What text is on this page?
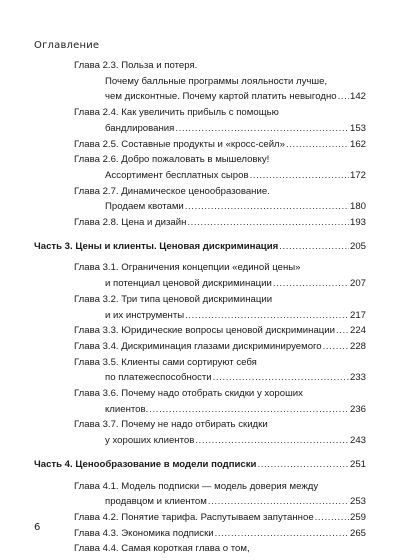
Оглавление
Глава 2.3. Польза и потеря.
Почему балльные программы лояльности лучше,
чем дисконтные. Почему картой платить невыгодно ..... 142
Глава 2.4. Как увеличить прибыль с помощью
бандлирования .....	153
Глава 2.5. Составные продукты и «кросс-сейл» .....	162
Глава 2.6. Добро пожаловать в мышеловку!
Ассортимент бесплатных сыров .....	172
Глава 2.7. Динамическое ценообразование.
Продаем квотами .....	180
Глава 2.8. Цена и дизайн .....	193
Часть 3. Цены и клиенты. Ценовая дискриминация .....	205
Глава 3.1. Ограничения концепции «единой цены»
и потенциал ценовой дискриминации .....	207
Глава 3.2. Три типа ценовой дискриминации
и их инструменты .....	217
Глава 3.3. Юридические вопросы ценовой дискриминации ..... 224
Глава 3.4. Дискриминация глазами дискриминируемого .....	228
Глава 3.5. Клиенты сами сортируют себя
по платежеспособности .....	233
Глава 3.6. Почему надо отобрать скидки у хороших
клиентов. .....	236
Глава 3.7. Почему не надо отбирать скидки
у хороших клиентов .....	243
Часть 4. Ценообразование в модели подписки .....	251
Глава 4.1. Модель подписки — модель доверия между
продавцом и клиентом .....	253
Глава 4.2. Понятие тарифа. Распутываем запутанное .....	259
Глава 4.3. Экономика подписки .....	265
Глава 4.4. Самая короткая глава о том,
6
